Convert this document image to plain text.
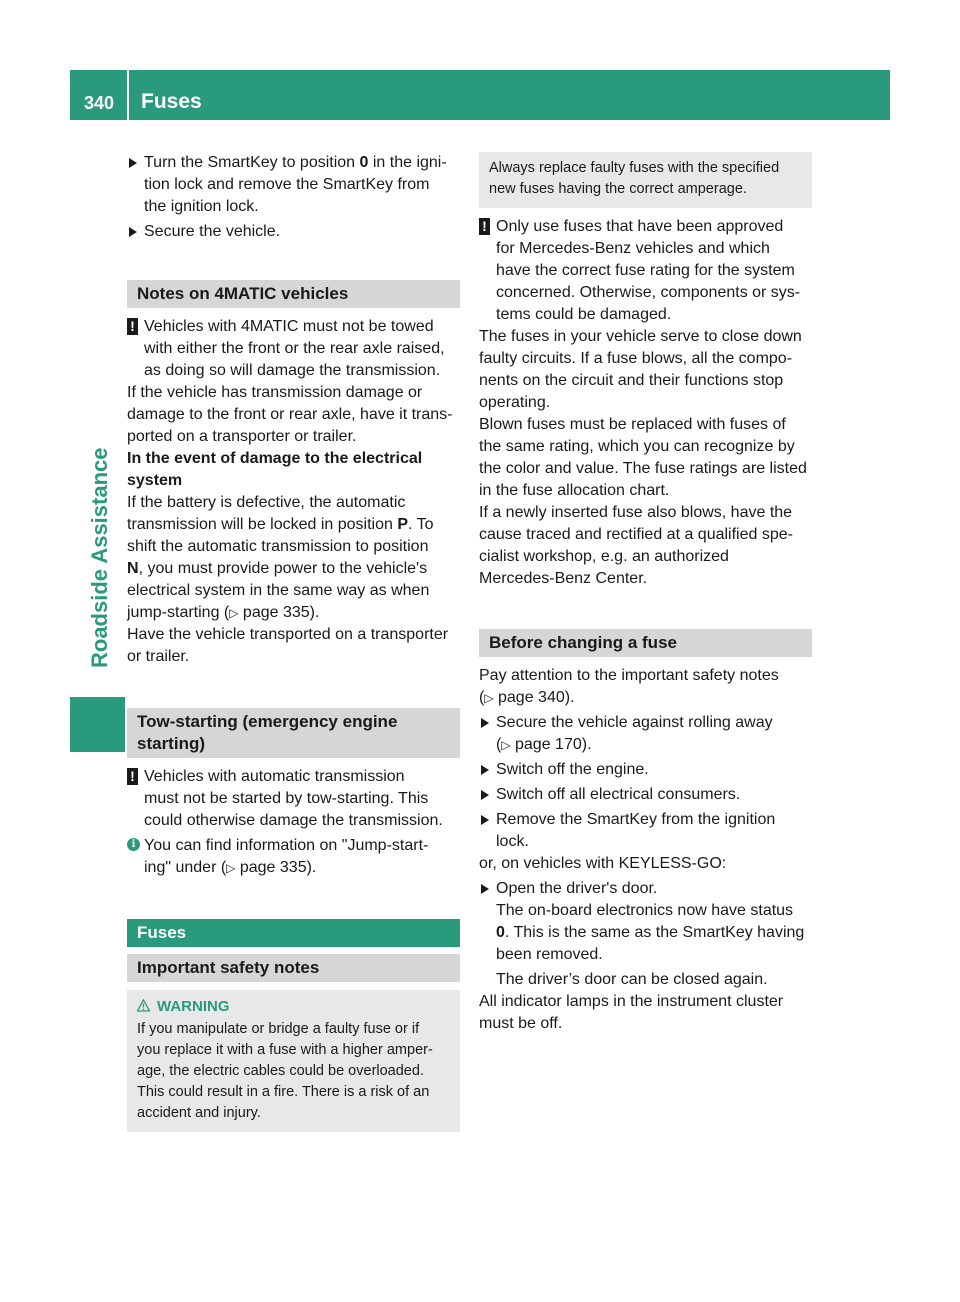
340 Fuses
Roadside Assistance
Turn the SmartKey to position 0 in the igni-
tion lock and remove the SmartKey from
the ignition lock.
Secure the vehicle.
Notes on 4MATIC vehicles
! Vehicles with 4MATIC must not be towed
with either the front or the rear axle raised,
as doing so will damage the transmission.

If the vehicle has transmission damage or
damage to the front or rear axle, have it trans-
ported on a transporter or trailer.

In the event of damage to the electrical
system

If the battery is defective, the automatic
transmission will be locked in position P. To
shift the automatic transmission to position
N, you must provide power to the vehicle's
electrical system in the same way as when
jump-starting (▷ page 335).

Have the vehicle transported on a transporter
or trailer.

Tow-starting (emergency engine
starting)
! Vehicles with automatic transmission
must not be started by tow-starting. This
could otherwise damage the transmission.
i You can find information on "Jump-start-
ing" under (▷ page 335).
Fuses
Important safety notes
WARNING
If you manipulate or bridge a faulty fuse or if
you replace it with a fuse with a higher amper-
age, the electric cables could be overloaded.
This could result in a fire. There is a risk of an
accident and injury.
Always replace faulty fuses with the specified
new fuses having the correct amperage.
! Only use fuses that have been approved
for Mercedes-Benz vehicles and which
have the correct fuse rating for the system
concerned. Otherwise, components or sys-
tems could be damaged.

The fuses in your vehicle serve to close down
faulty circuits. If a fuse blows, all the compo-
nents on the circuit and their functions stop
operating.

Blown fuses must be replaced with fuses of
the same rating, which you can recognize by
the color and value. The fuse ratings are listed
in the fuse allocation chart.

If a newly inserted fuse also blows, have the
cause traced and rectified at a qualified spe-
cialist workshop, e.g. an authorized
Mercedes-Benz Center.

Before changing a fuse

Pay attention to the important safety notes
(▷ page 340).

Secure the vehicle against rolling away
(▷ page 170).
Switch off the engine.
Switch off all electrical consumers.
Remove the SmartKey from the ignition
lock.

or, on vehicles with KEYLESS-GO:

Open the driver's door.
The on-board electronics now have status
0. This is the same as the SmartKey having
been removed.
The driver’s door can be closed again.

All indicator lamps in the instrument cluster
must be off.
